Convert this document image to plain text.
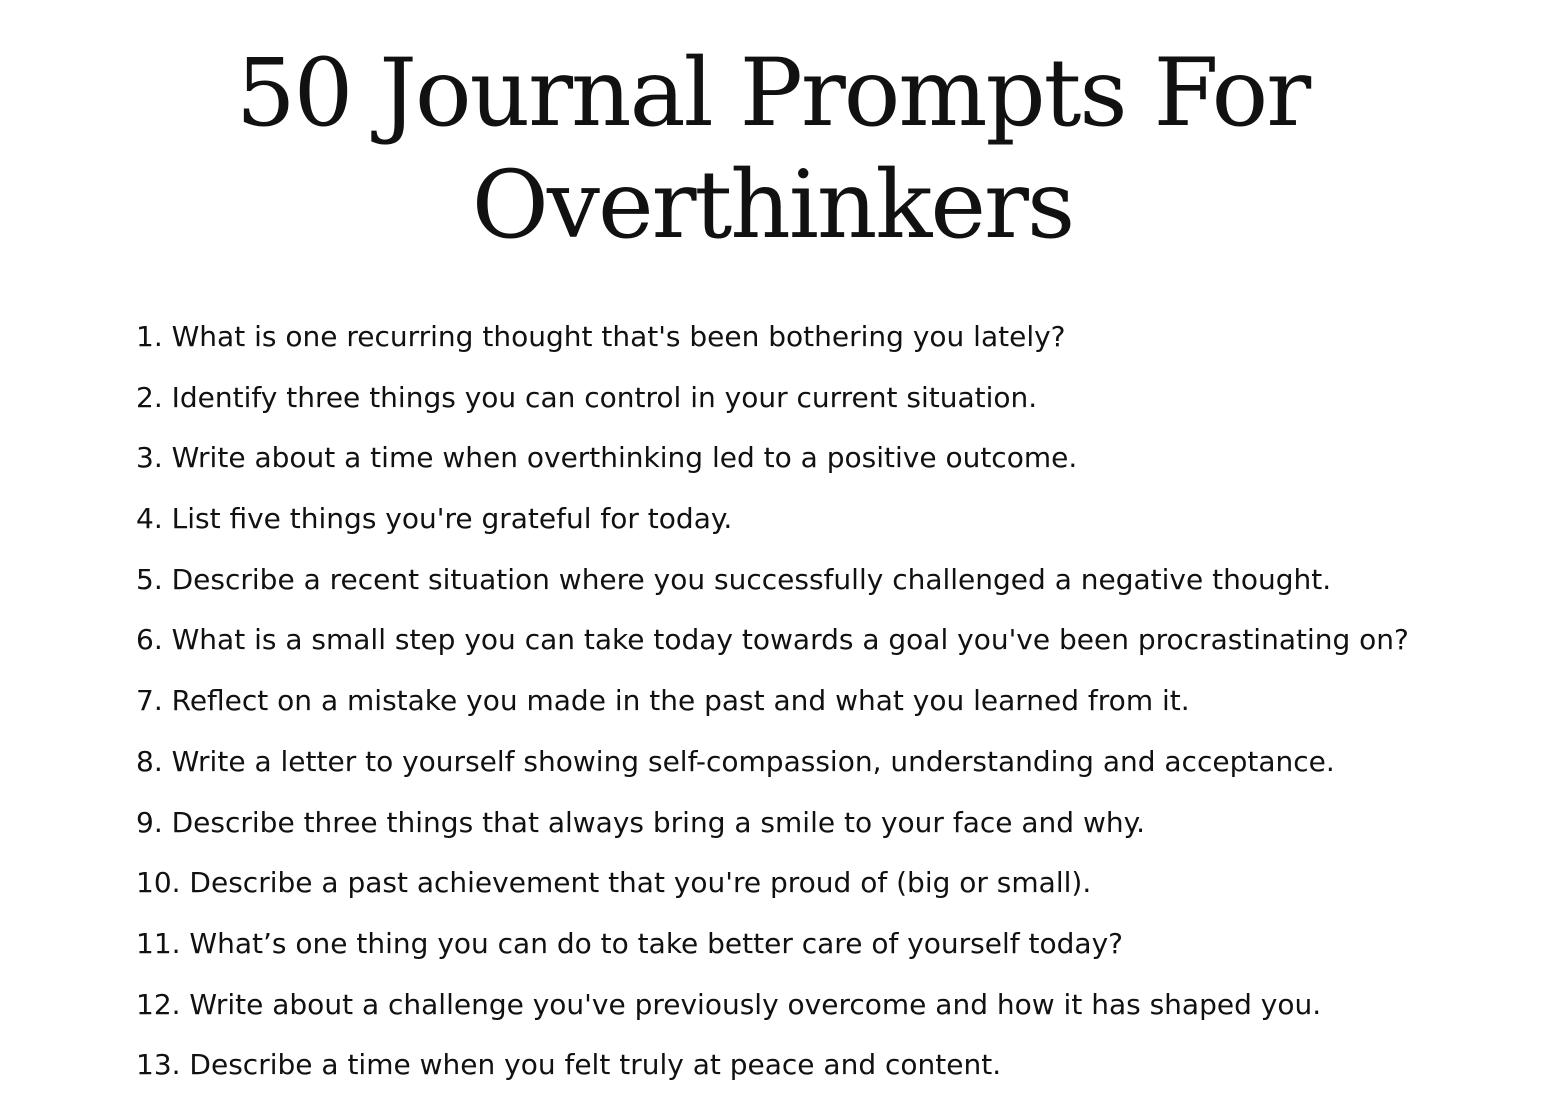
50 Journal Prompts For
Overthinkers
1. What is one recurring thought that's been bothering you lately?
2. Identify three things you can control in your current situation.
3. Write about a time when overthinking led to a positive outcome.
4. List five things you're grateful for today.
5. Describe a recent situation where you successfully challenged a negative thought.
6. What is a small step you can take today towards a goal you've been procrastinating on?
7. Reflect on a mistake you made in the past and what you learned from it.
8. Write a letter to yourself showing self-compassion, understanding and acceptance.
9. Describe three things that always bring a smile to your face and why.
10. Describe a past achievement that you're proud of (big or small).
11. What’s one thing you can do to take better care of yourself today?
12. Write about a challenge you've previously overcome and how it has shaped you.
13. Describe a time when you felt truly at peace and content.
